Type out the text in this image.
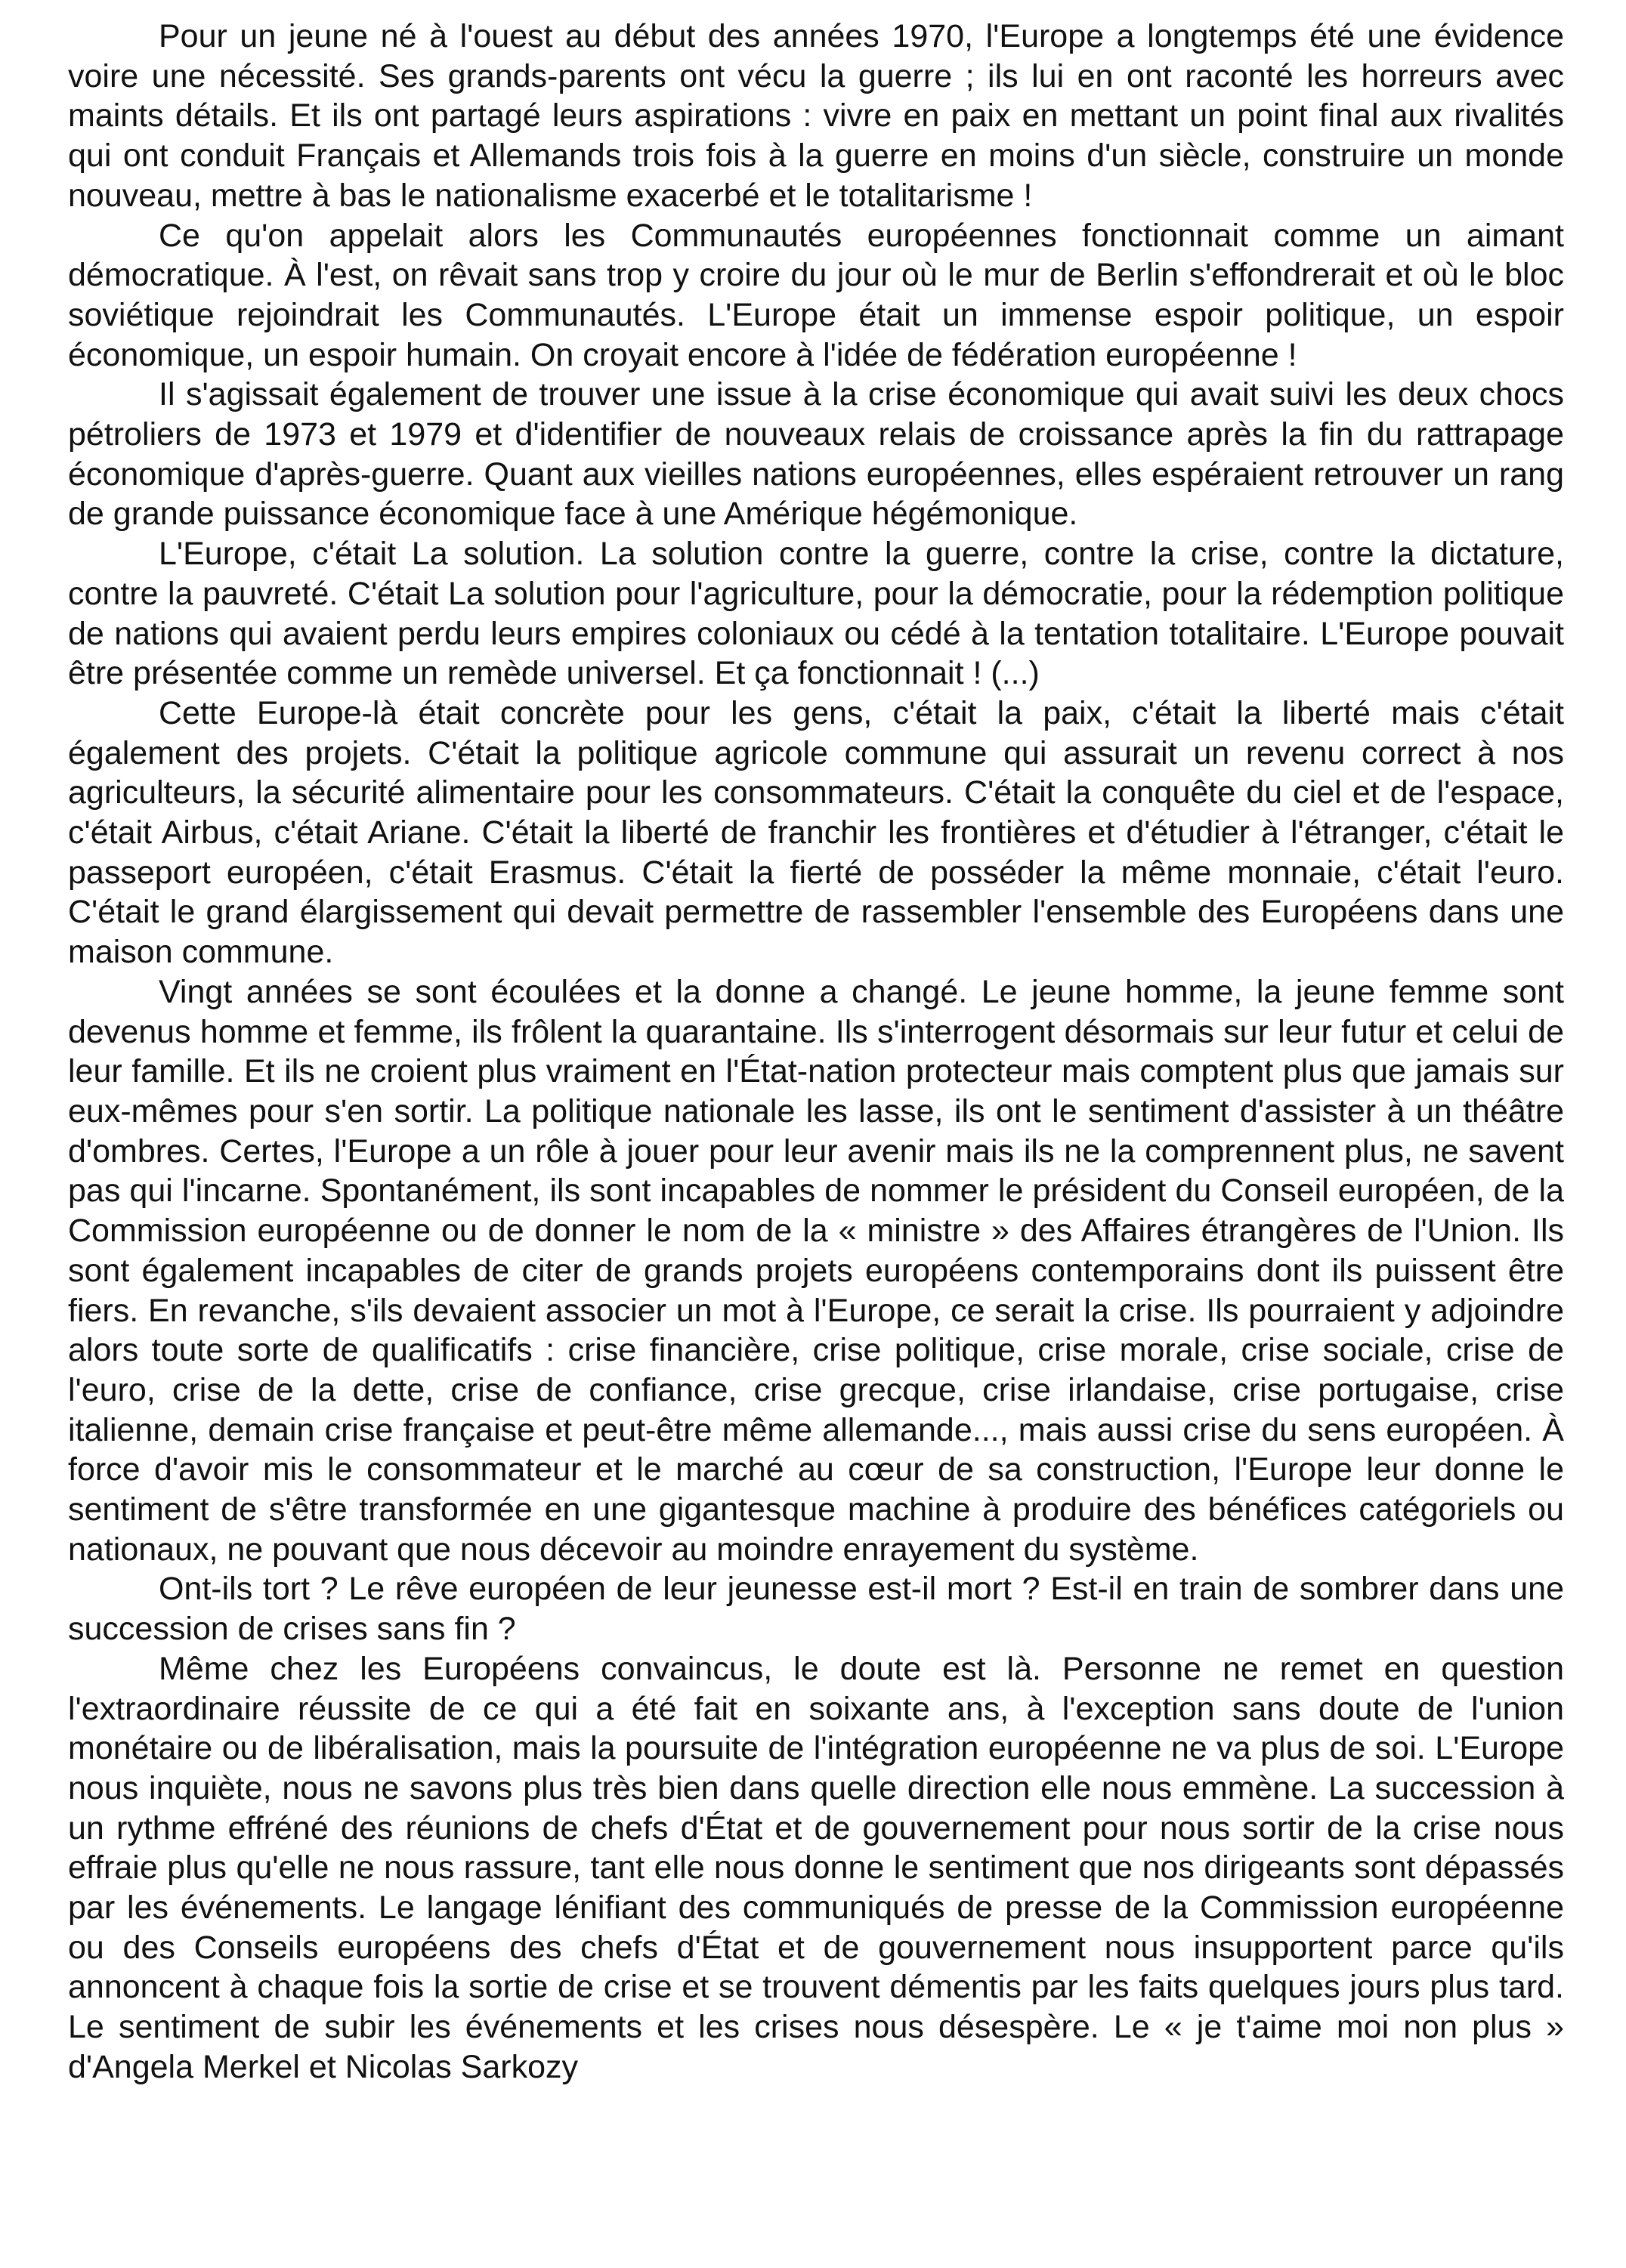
Pour un jeune né à l'ouest au début des années 1970, l'Europe a longtemps été une évidence voire une nécessité. Ses grands-parents ont vécu la guerre ; ils lui en ont raconté les horreurs avec maints détails. Et ils ont partagé leurs aspirations : vivre en paix en mettant un point final aux rivalités qui ont conduit Français et Allemands trois fois à la guerre en moins d'un siècle, construire un monde nouveau, mettre à bas le nationalisme exacerbé et le totalitarisme !

Ce qu'on appelait alors les Communautés européennes fonctionnait comme un aimant démocratique. À l'est, on rêvait sans trop y croire du jour où le mur de Berlin s'effondrerait et où le bloc soviétique rejoindrait les Communautés. L'Europe était un immense espoir politique, un espoir économique, un espoir humain. On croyait encore à l'idée de fédération européenne !

Il s'agissait également de trouver une issue à la crise économique qui avait suivi les deux chocs pétroliers de 1973 et 1979 et d'identifier de nouveaux relais de croissance après la fin du rattrapage économique d'après-guerre. Quant aux vieilles nations européennes, elles espéraient retrouver un rang de grande puissance économique face à une Amérique hégémonique.

L'Europe, c'était La solution. La solution contre la guerre, contre la crise, contre la dictature, contre la pauvreté. C'était La solution pour l'agriculture, pour la démocratie, pour la rédemption politique de nations qui avaient perdu leurs empires coloniaux ou cédé à la tentation totalitaire. L'Europe pouvait être présentée comme un remède universel. Et ça fonctionnait ! (...)

Cette Europe-là était concrète pour les gens, c'était la paix, c'était la liberté mais c'était également des projets. C'était la politique agricole commune qui assurait un revenu correct à nos agriculteurs, la sécurité alimentaire pour les consommateurs. C'était la conquête du ciel et de l'espace, c'était Airbus, c'était Ariane. C'était la liberté de franchir les frontières et d'étudier à l'étranger, c'était le passeport européen, c'était Erasmus. C'était la fierté de posséder la même monnaie, c'était l'euro. C'était le grand élargissement qui devait permettre de rassembler l'ensemble des Européens dans une maison commune.

Vingt années se sont écoulées et la donne a changé. Le jeune homme, la jeune femme sont devenus homme et femme, ils frôlent la quarantaine. Ils s'interrogent désormais sur leur futur et celui de leur famille. Et ils ne croient plus vraiment en l'État-nation protecteur mais comptent plus que jamais sur eux-mêmes pour s'en sortir. La politique nationale les lasse, ils ont le sentiment d'assister à un théâtre d'ombres. Certes, l'Europe a un rôle à jouer pour leur avenir mais ils ne la comprennent plus, ne savent pas qui l'incarne. Spontanément, ils sont incapables de nommer le président du Conseil européen, de la Commission européenne ou de donner le nom de la « ministre » des Affaires étrangères de l'Union. Ils sont également incapables de citer de grands projets européens contemporains dont ils puissent être fiers. En revanche, s'ils devaient associer un mot à l'Europe, ce serait la crise. Ils pourraient y adjoindre alors toute sorte de qualificatifs : crise financière, crise politique, crise morale, crise sociale, crise de l'euro, crise de la dette, crise de confiance, crise grecque, crise irlandaise, crise portugaise, crise italienne, demain crise française et peut-être même allemande..., mais aussi crise du sens européen. À force d'avoir mis le consommateur et le marché au cœur de sa construction, l'Europe leur donne le sentiment de s'être transformée en une gigantesque machine à produire des bénéfices catégoriels ou nationaux, ne pouvant que nous décevoir au moindre enrayement du système.

Ont-ils tort ? Le rêve européen de leur jeunesse est-il mort ? Est-il en train de sombrer dans une succession de crises sans fin ?

Même chez les Européens convaincus, le doute est là. Personne ne remet en question l'extraordinaire réussite de ce qui a été fait en soixante ans, à l'exception sans doute de l'union monétaire ou de libéralisation, mais la poursuite de l'intégration européenne ne va plus de soi. L'Europe nous inquiète, nous ne savons plus très bien dans quelle direction elle nous emmène. La succession à un rythme effréné des réunions de chefs d'État et de gouvernement pour nous sortir de la crise nous effraie plus qu'elle ne nous rassure, tant elle nous donne le sentiment que nos dirigeants sont dépassés par les événements. Le langage lénifiant des communiqués de presse de la Commission européenne ou des Conseils européens des chefs d'État et de gouvernement nous insupportent parce qu'ils annoncent à chaque fois la sortie de crise et se trouvent démentis par les faits quelques jours plus tard. Le sentiment de subir les événements et les crises nous désespère. Le « je t'aime moi non plus » d'Angela Merkel et Nicolas Sarkozy
